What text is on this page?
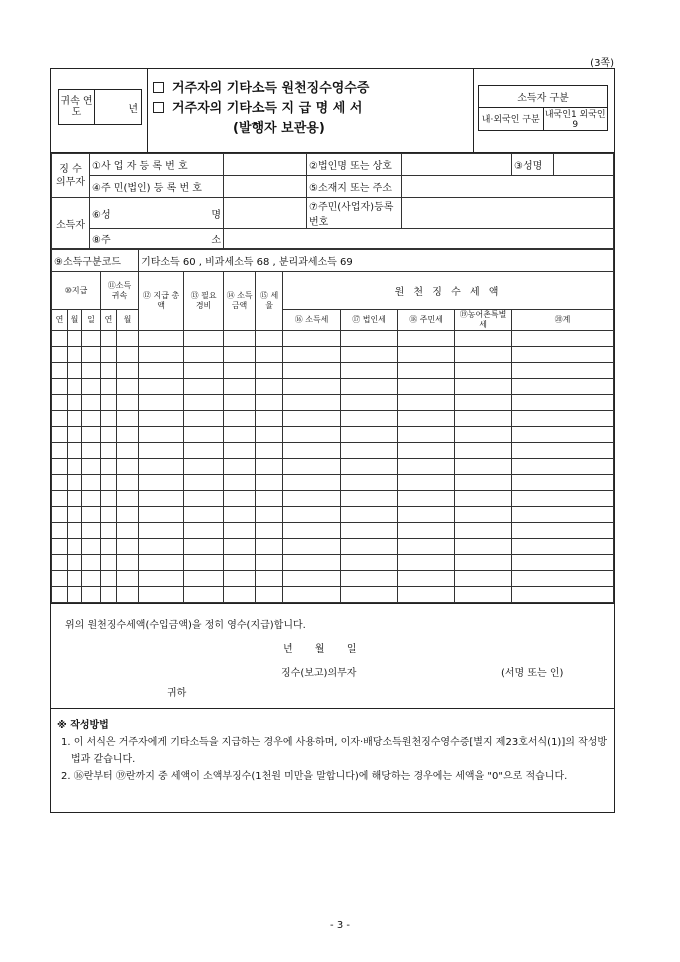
(3쪽)
귀속 연도	년
거주자의 기타소득 원천징수영수증
거주자의 기타소득 지 급 명 세 서
(발행자 보관용)
소득자 구분
내·외국인 구분 내국인1 외국인9
징 수 의무자	①사 업 자 등 록 번 호		②법인명 또는 상호		③성명	
	④주 민(법인) 등 록 번 호		⑤소재지 또는 주소			
소득자	⑥성 명		⑦주민(사업자)등록번호			
	⑧주 소					

⑨소득구분코드					기타소득 60 , 비과세소득 68 , 분리과세소득 69								
⑩지급			⑪소득 귀속		⑫ 지급 총액	⑬ 필요 경비	⑭ 소득 금액	⑮ 세율	원 천 징 수 세 액				
연	월	일	연	월					⑯ 소득세	⑰ 법인세	⑱ 주민세	⑲농어촌특별세	⑳계

위의 원천징수세액(수입금액)을 정히 영수(지급)합니다.
년       월       일
징수(보고)의무자	(서명 또는 인)
귀하
※ 작성방법

1. 이 서식은 거주자에게 기타소득을 지급하는 경우에 사용하며, 이자·배당소득원천징수영수증[별지 제23호서식(1)]의 작성방법과 같습니다.

2. ⑯란부터 ⑲란까지 중 세액이 소액부징수(1천원 미만을 말합니다)에 해당하는 경우에는 세액을 "0"으로 적습니다.

- 3 -
